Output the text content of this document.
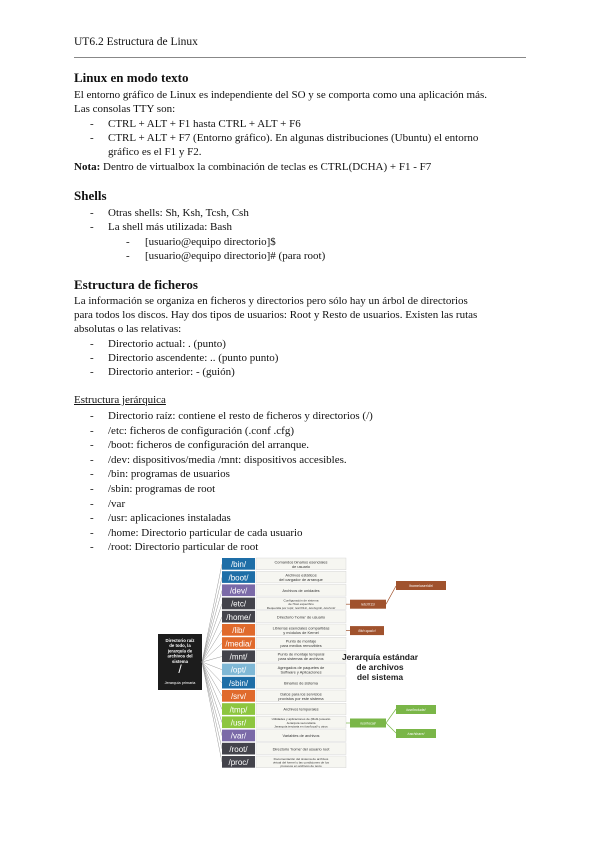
UT6.2 Estructura de Linux
Linux en modo texto
El entorno gráfico de Linux es independiente del SO y se comporta como una aplicación más.
Las consolas TTY son:
- CTRL + ALT + F1 hasta CTRL + ALT + F6
- CTRL + ALT + F7 (Entorno gráfico). En algunas distribuciones (Ubuntu) el entorno
gráfico es el F1 y F2.
Nota: Dentro de virtualbox la combinación de teclas es CTRL(DCHA) + F1 - F7
Shells
- Otras shells: Sh, Ksh, Tcsh, Csh
- La shell más utilizada: Bash
- [usuario@equipo directorio]$
- [usuario@equipo directorio]# (para root)
Estructura de ficheros
La información se organiza en ficheros y directorios pero sólo hay un árbol de directorios
para todos los discos. Hay dos tipos de usuarios: Root y Resto de usuarios. Existen las rutas
absolutas o las relativas:
- Directorio actual: . (punto)
- Directorio ascendente: .. (punto punto)
- Directorio anterior: - (guión)
Estructura jerárquica
- Directorio raíz: contiene el resto de ficheros y directorios (/)
- /etc: ficheros de configuración (.conf .cfg)
- /boot: ficheros de configuración del arranque.
- /dev: dispositivos/media /mnt: dispositivos accesibles.
- /bin: programas de usuarios
- /sbin: programas de root
- /var
- /usr: aplicaciones instaladas
- /home: Directorio particular de cada usuario
- /root: Directorio particular de root
Directorio raíz
de todo, la
jerarquía de
archivos del
sistema
/
Jerarquía primaria
/bin/	Comandos binarios esenciales
de usuario
/boot/	Archivos estáticos
del cargador de arranque
/dev/	Archivos de unidades
/etc/	Configuración de sistema
de Host específico
Requerida por /opt/, /etc/X11/, /etc/sgml/, /etc/xml/
/home/	Directorio 'home' de usuario
/lib/	Librerías esenciales compartidas
y módulos de Kernel
/media/	Punto de montaje
para medios removibles
/mnt/	Punto de montaje temporal
para sistemas de archivos
/opt/	Agregados de paquetes de
Software y Aplicaciones
/sbin/	Binarios de sistema
/srv/	Datos para los servicios
provistos por este sistema
/tmp/	Archivos temporales
/usr/	Utilidades y aplicaciones de (Multi-)usuario
Jerarquía secundaria
Jerarquía terciaria en /usr/local/ y otros
/var/	Variables de archivos
/root/	Directorio 'home' del usuario root
/proc/	Documentación del sistema de archivos
virtual del kernel y las condiciones de los
procesos en archivos de texto
Jerarquía estándar
de archivos
del sistema
/etc/X11/
/home/user/dir/
/lib/<qual>/
/usr/local/
/usr/include/
/usr/share/
